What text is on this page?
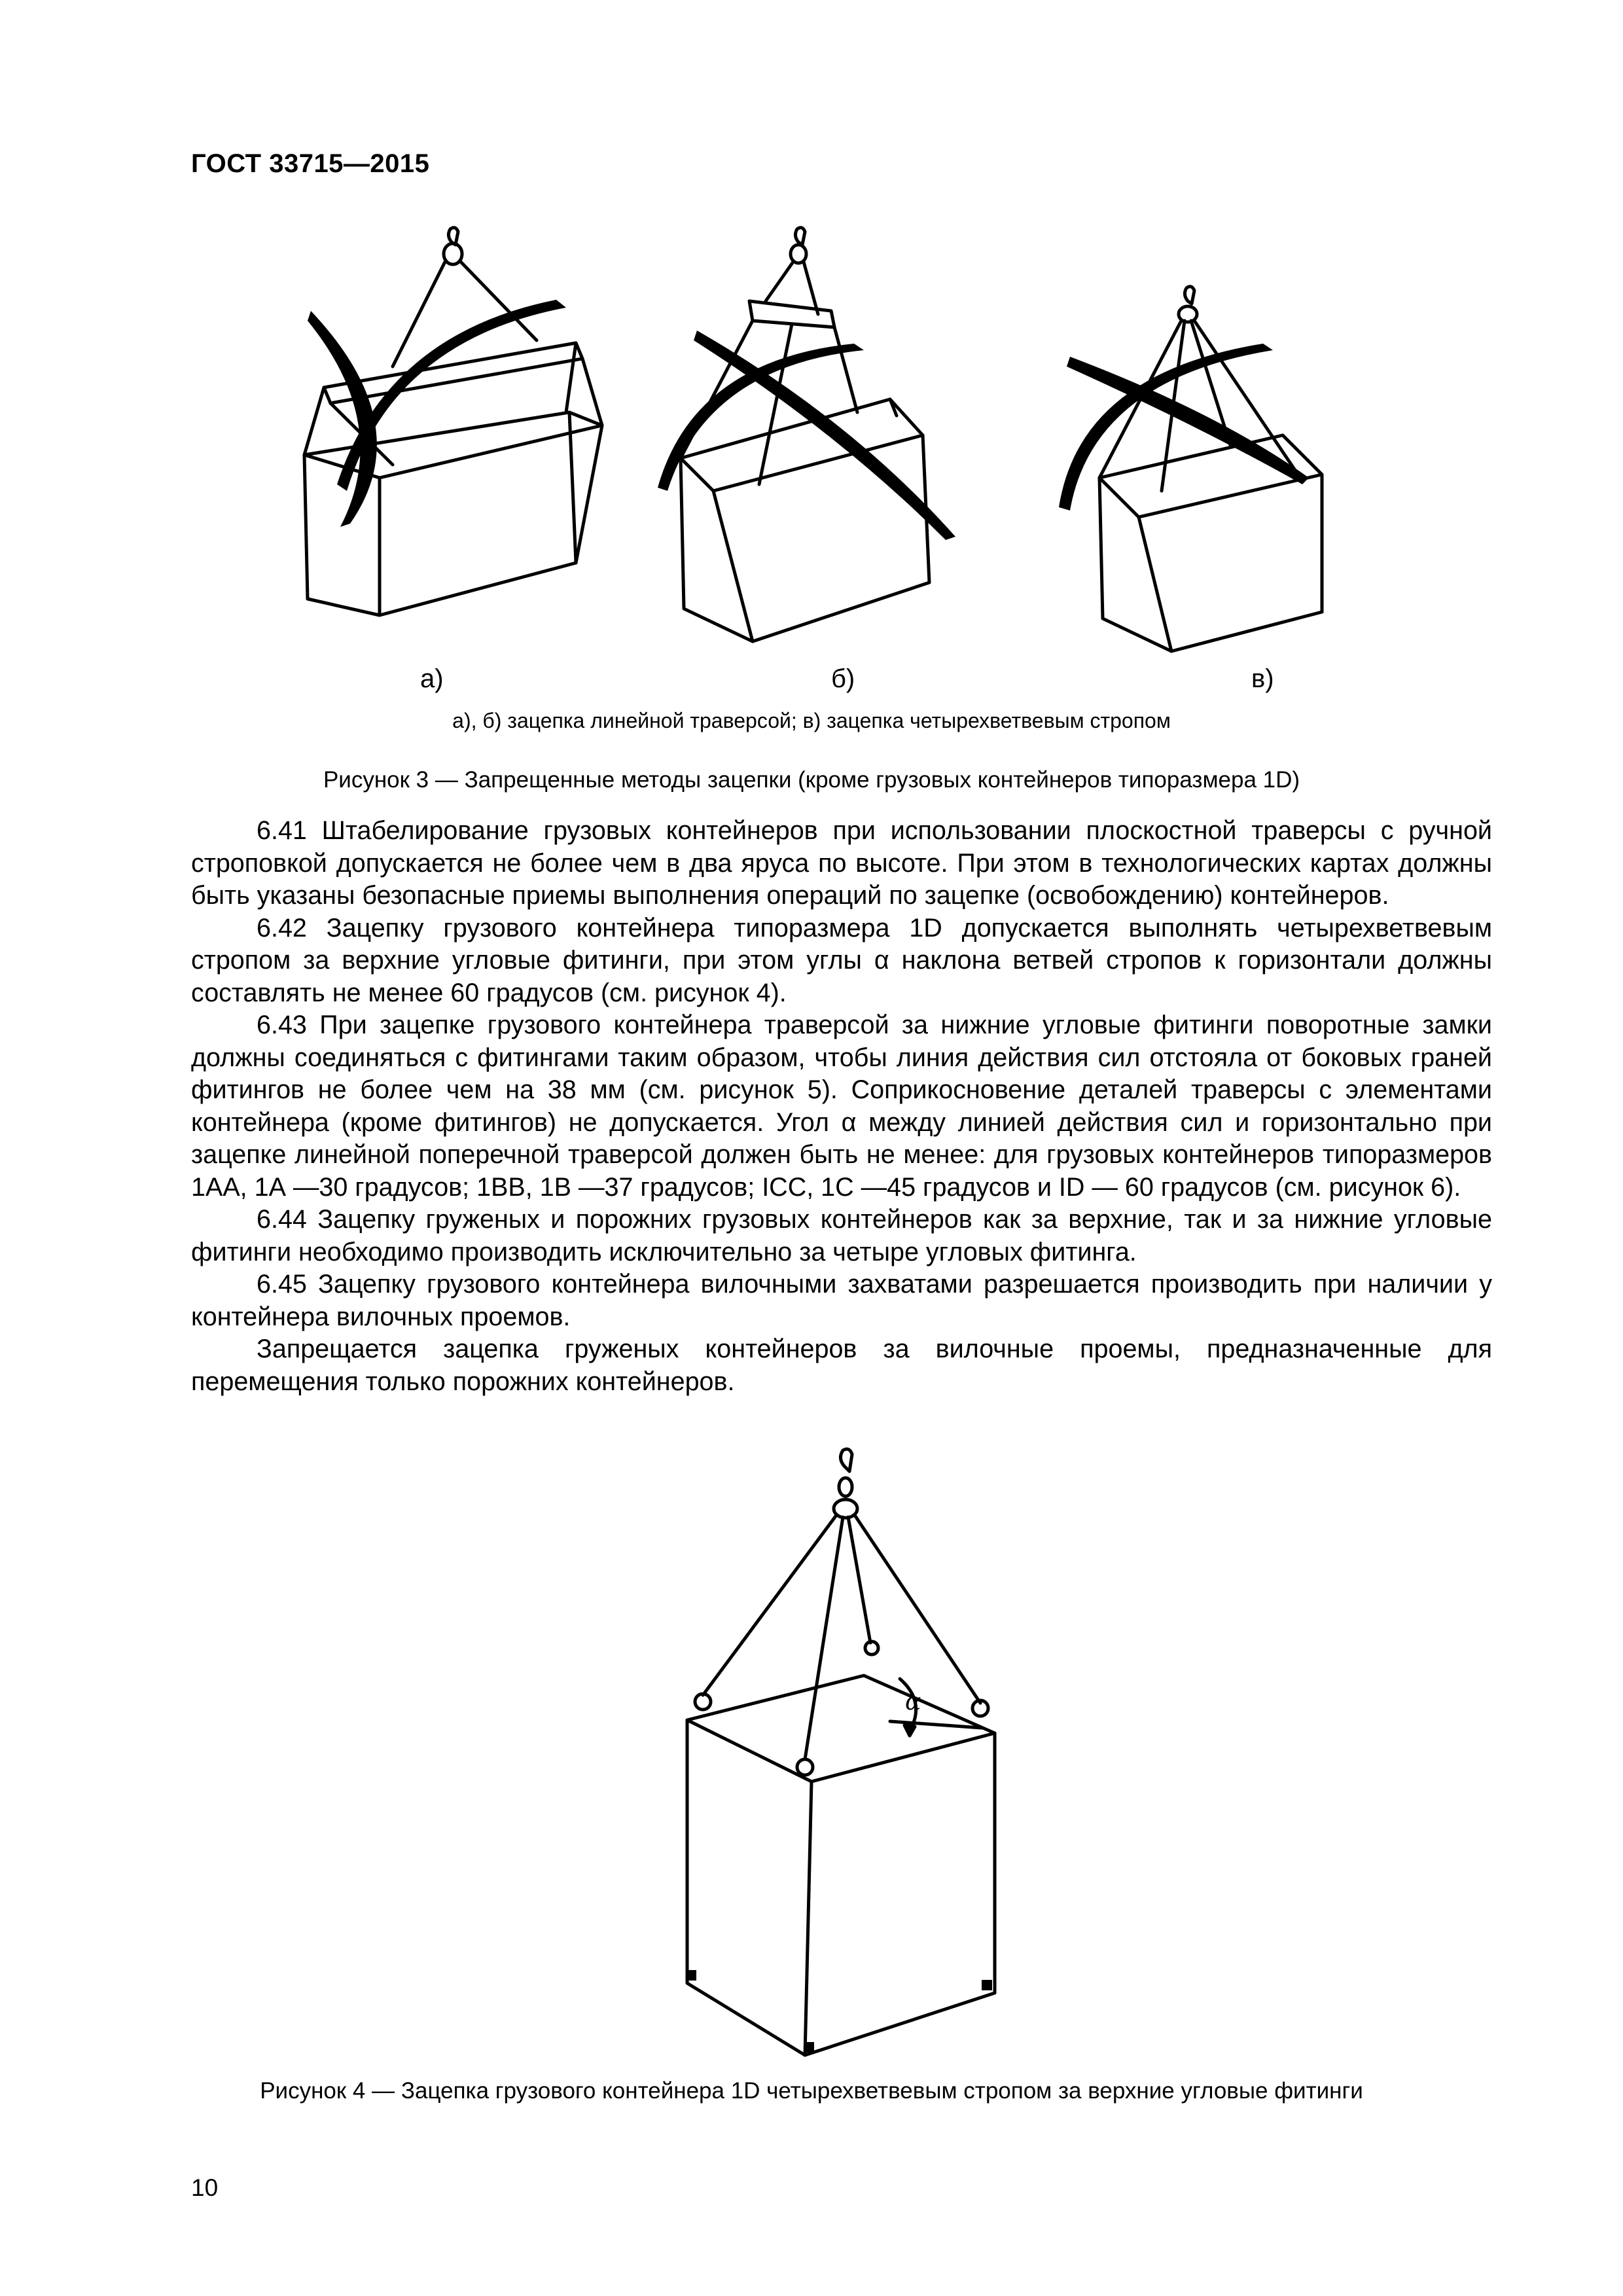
ГОСТ 33715—2015
а)	б)	в)
а), б) зацепка линейной траверсой; в) зацепка четырехветвевым стропом
Рисунок 3 — Запрещенные методы зацепки (кроме грузовых контейнеров типоразмера 1D)

6.41 Штабелирование грузовых контейнеров при использовании плоскостной траверсы с ручной строповкой допускается не более чем в два яруса по высоте. При этом в технологических картах должны быть указаны безопасные приемы выполнения операций по зацепке (освобождению) контейнеров.

6.42 Зацепку грузового контейнера типоразмера 1D допускается выполнять четырехветвевым стропом за верхние угловые фитинги, при этом углы α наклона ветвей стропов к горизонтали должны составлять не менее 60 градусов (см. рисунок 4).

6.43 При зацепке грузового контейнера траверсой за нижние угловые фитинги поворотные замки должны соединяться с фитингами таким образом, чтобы линия действия сил отстояла от боковых граней фитингов не более чем на 38 мм (см. рисунок 5). Соприкосновение деталей траверсы с элементами контейнера (кроме фитингов) не допускается. Угол α между линией действия сил и горизонтально при зацепке линейной поперечной траверсой должен быть не менее: для грузовых контейнеров типоразмеров 1АА, 1А —30 градусов; 1ВВ, 1В —37 градусов; ICC, 1С —45 градусов и ID — 60 градусов (см. рисунок 6).

6.44 Зацепку груженых и порожних грузовых контейнеров как за верхние, так и за нижние угловые фитинги необходимо производить исключительно за четыре угловых фитинга.

6.45 Зацепку грузового контейнера вилочными захватами разрешается производить при наличии у контейнера вилочных проемов.

Запрещается зацепка груженых контейнеров за вилочные проемы, предназначенные для перемещения только порожних контейнеров.

α
Рисунок 4 — Зацепка грузового контейнера 1D четырехветвевым стропом за верхние угловые фитинги
10
